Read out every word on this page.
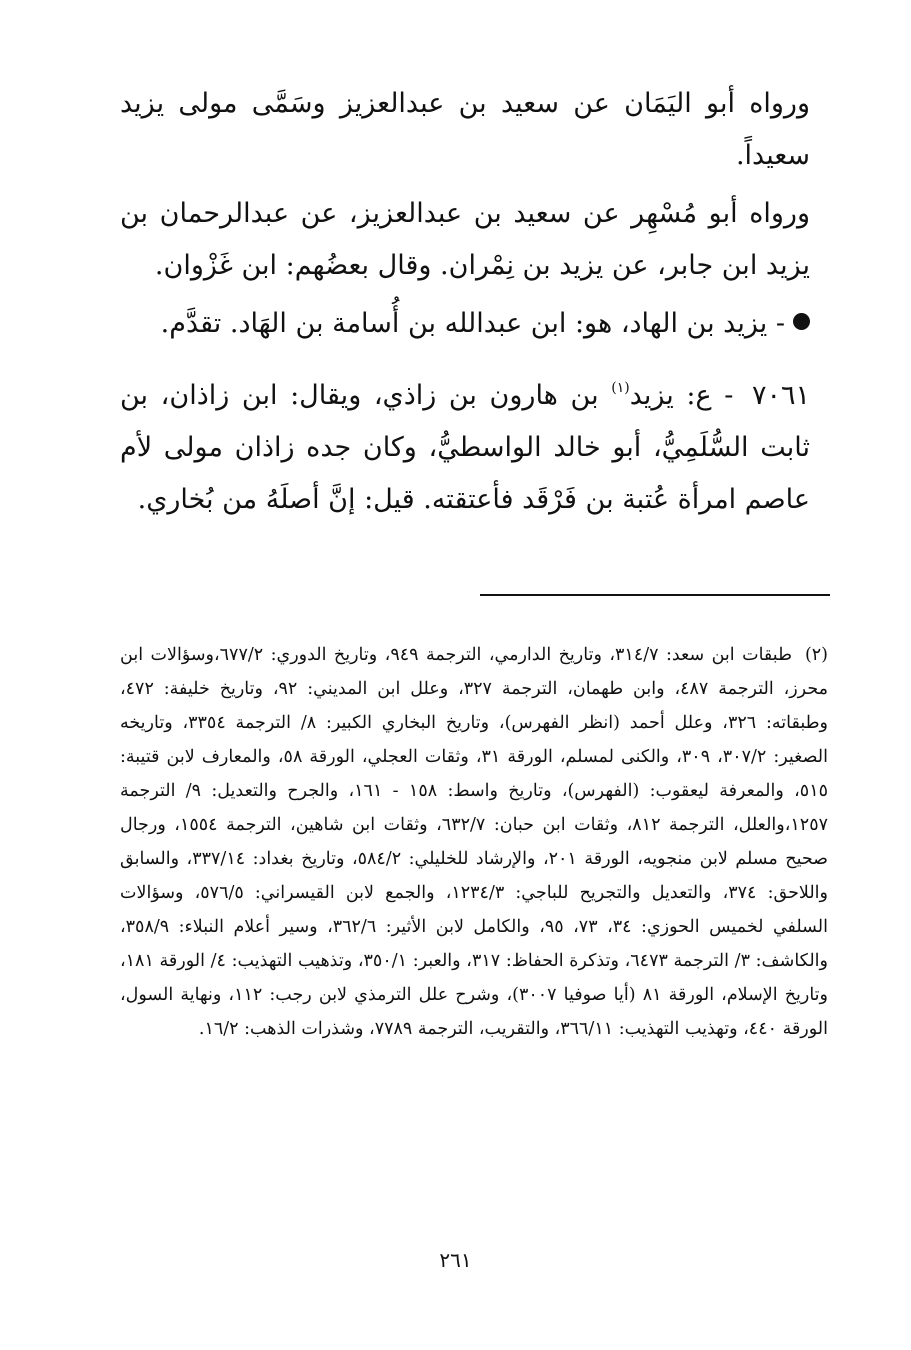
ورواه أبو اليَمَان عن سعيد بن عبدالعزيز وسَمَّى مولى يزيد سعيداً.

ورواه أبو مُسْهِر عن سعيد بن عبدالعزيز، عن عبدالرحمان بن يزيد ابن جابر، عن يزيد بن نِمْران. وقال بعضُهم: ابن غَزْوان.

- يزيد بن الهاد، هو: ابن عبدالله بن أُسامة بن الهَاد. تقدَّم.

٧٠٦١ - ع: يزيد$^{(١)}$ بن هارون بن زاذي، ويقال: ابن زاذان، بن ثابت السُّلَمِيُّ، أبو خالد الواسطيُّ، وكان جده زاذان مولى لأم عاصم امرأة عُتبة بن فَرْقَد فأعتقته. قيل: إنَّ أصلَهُ من بُخاري.

(٢)طبقات ابن سعد: ٣١٤/٧، وتاريخ الدارمي، الترجمة ٩٤٩، وتاريخ الدوري: ٦٧٧/٢،وسؤالات ابن محرز، الترجمة ٤٨٧، وابن طهمان، الترجمة ٣٢٧، وعلل ابن المديني: ٩٢، وتاريخ خليفة: ٤٧٢، وطبقاته: ٣٢٦، وعلل أحمد (انظر الفهرس)، وتاريخ البخاري الكبير: ٨/ الترجمة ٣٣٥٤، وتاريخه الصغير: ٣٠٧/٢، ٣٠٩، والكنى لمسلم، الورقة ٣١، وثقات العجلي، الورقة ٥٨، والمعارف لابن قتيبة: ٥١٥، والمعرفة ليعقوب: (الفهرس)، وتاريخ واسط: ١٥٨ - ١٦١، والجرح والتعديل: ٩/ الترجمة ١٢٥٧،والعلل، الترجمة ٨١٢، وثقات ابن حبان: ٦٣٢/٧، وثقات ابن شاهين، الترجمة ١٥٥٤، ورجال صحيح مسلم لابن منجويه، الورقة ٢٠١، والإرشاد للخليلي: ٥٨٤/٢، وتاريخ بغداد: ٣٣٧/١٤، والسابق واللاحق: ٣٧٤، والتعديل والتجريح للباجي: ١٢٣٤/٣، والجمع لابن القيسراني: ٥٧٦/٥، وسؤالات السلفي لخميس الحوزي: ٣٤، ٧٣، ٩٥، والكامل لابن الأثير: ٣٦٢/٦، وسير أعلام النبلاء: ٣٥٨/٩، والكاشف: ٣/ الترجمة ٦٤٧٣، وتذكرة الحفاظ: ٣١٧، والعبر: ٣٥٠/١، وتذهيب التهذيب: ٤/ الورقة ١٨١، وتاريخ الإسلام، الورقة ٨١ (أيا صوفيا ٣٠٠٧)، وشرح علل الترمذي لابن رجب: ١١٢، ونهاية السول، الورقة ٤٤٠، وتهذيب التهذيب: ٣٦٦/١١، والتقريب، الترجمة ٧٧٨٩، وشذرات الذهب: ١٦/٢.
٢٦١
